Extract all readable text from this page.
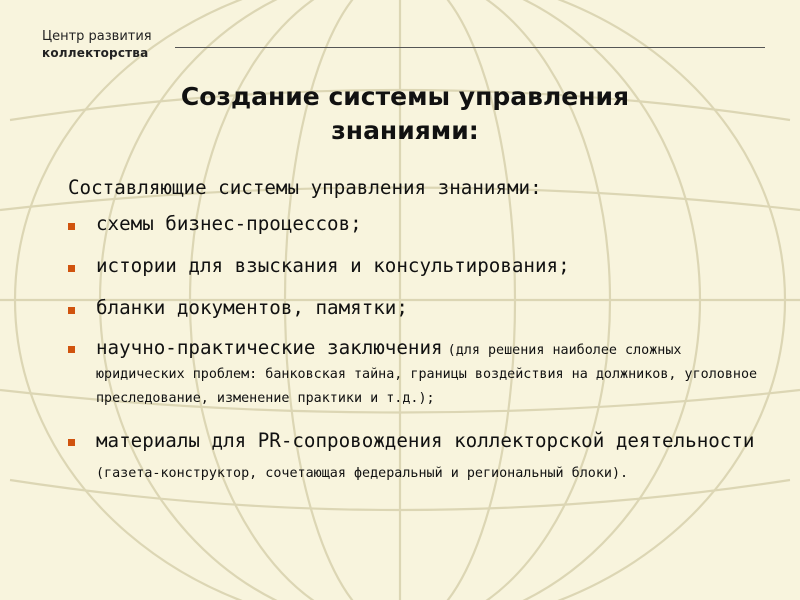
Центр развития
коллекторства
Создание системы управления
знаниями:
Составляющие системы управления знаниями:
схемы бизнес-процессов;
истории для взыскания и консультирования;
бланки документов, памятки;
научно-практические заключения (для решения наиболее сложных юридических проблем: банковская тайна, границы воздействия на должников, уголовное преследование, изменение практики и т.д.);
материалы для PR-сопровождения коллекторской деятельности (газета-конструктор, сочетающая федеральный и региональный блоки).
